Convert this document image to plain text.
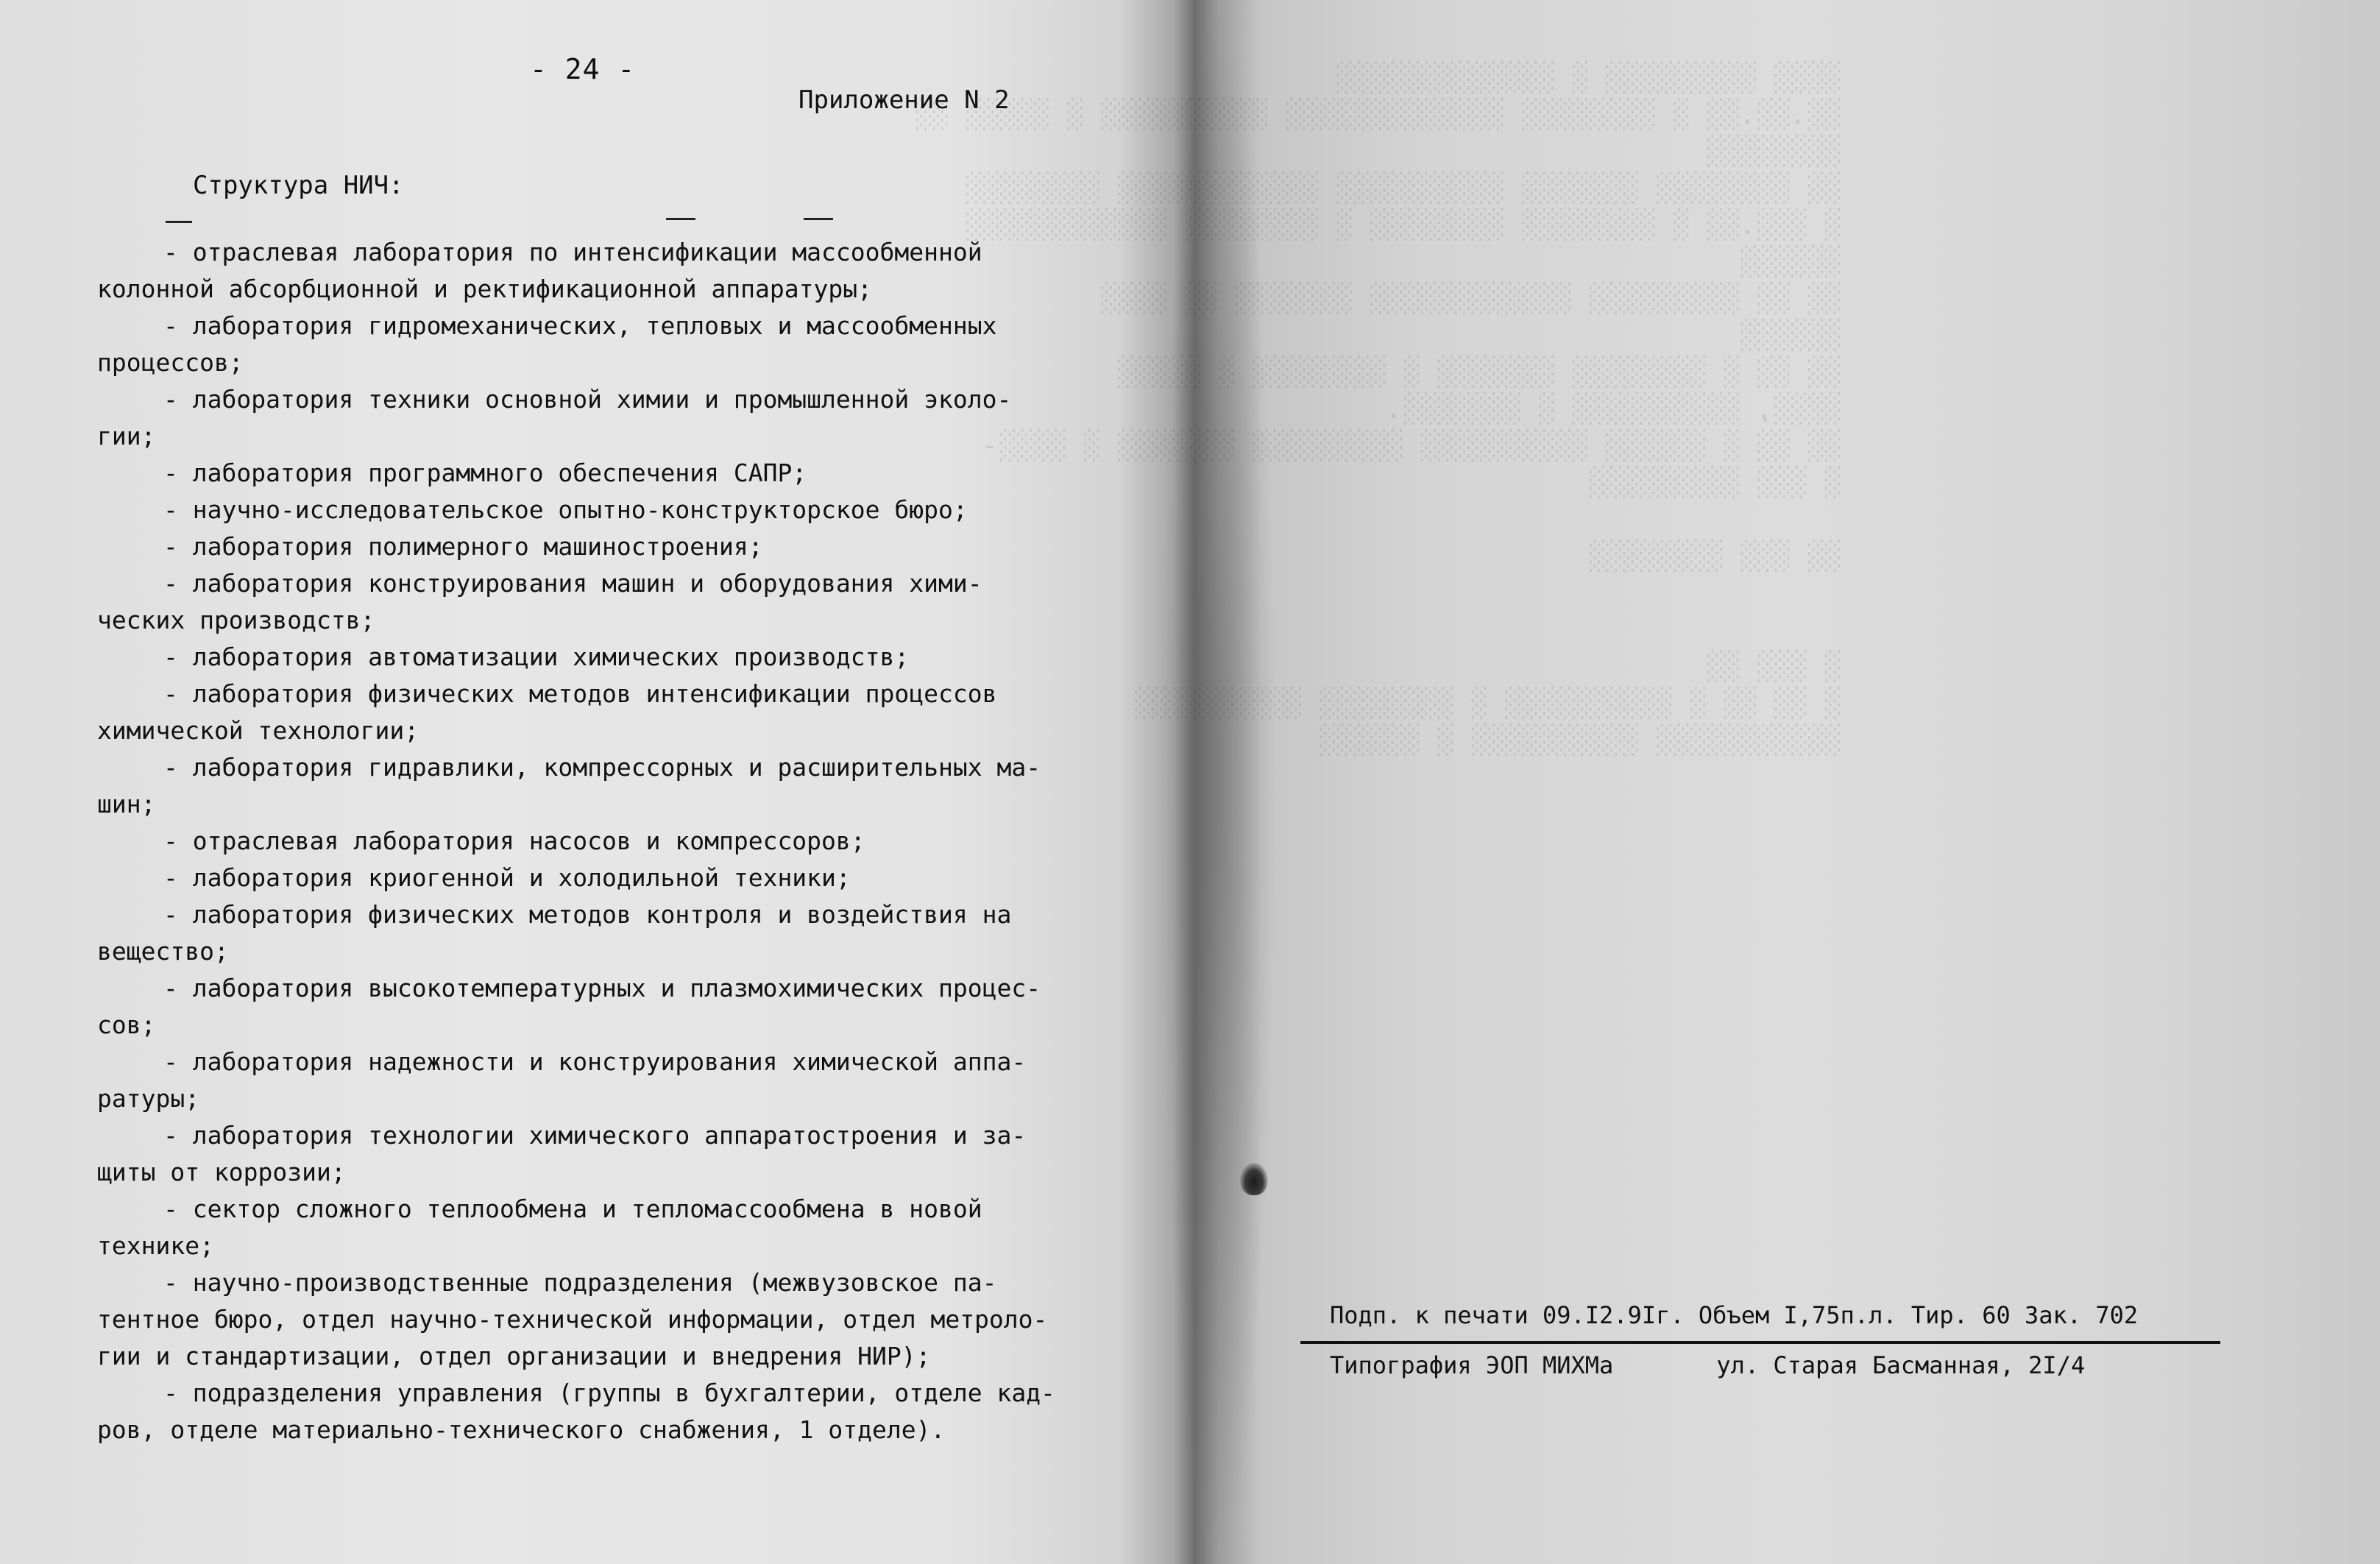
░░░░ ░░░░░░░░░ ░ ░░░░░░░░░░░░░
░░.░░.░░ ░ ░░░░░░░░ ░░░░░░░░░░░░░ ░░░░░░░░░░ ░ ░░░░░ ░░
░░░░░░░░
░░ ░░░░░░░░ ░░░░░░░ ░░░░░░░░░░ ░░░░░░░░░░░░ ░░░░░░░░
░ ░░░.░░ ░ ░░░░░░░░ ░░░░░░░░ ░ ░░░░░░░░ ░░░░░░░░░░░░
░░░░░░
░░ ░░ ░░░░░░░░░ ░░░░░░░░░░░░ ░░░░░░░ ░░ ░░░░
░░░░░░
░░ ░░ ░ ░░░░░░░░ ░░░░░░░ ░ ░░░░░░░░ ░ ░░░░░
░░░░, ░░░░░░░░░░ ░ ░░░░░░░.
░░ ░░ ░ ░░░░░░ ░░░░░░░░░░ ░░░░░░░░░ ░░░░░░░ ░ ░░░░-
░ ░░░ ░░░░░░░░░
░░ ░░░ ░░░░░░░░
░ ░░░ ░░
░ ░░ ░░ ░ ░░░░░░░░░░ ░ ░░░░░░░░ ░░░░░░░░░░
░░░░░░░░░░░ ░░░░░░░░░░ ░ ░░░░░░
- 24 -
Приложение N 2
Структура НИЧ:
- отраслевая лаборатория по интенсификации массообменной
колонной абсорбционной и ректификационной аппаратуры;
- лаборатория гидромеханических, тепловых и массообменных
процессов;
- лаборатория техники основной химии и промышленной эколо-
гии;
- лаборатория программного обеспечения САПР;
- научно-исследовательское опытно-конструкторское бюро;
- лаборатория полимерного машиностроения;
- лаборатория конструирования машин и оборудования хими-
ческих производств;
- лаборатория автоматизации химических производств;
- лаборатория физических методов интенсификации процессов
химической технологии;
- лаборатория гидравлики, компрессорных и расширительных ма-
шин;
- отраслевая лаборатория насосов и компрессоров;
- лаборатория криогенной и холодильной техники;
- лаборатория физических методов контроля и воздействия на
вещество;
- лаборатория высокотемпературных и плазмохимических процес-
сов;
- лаборатория надежности и конструирования химической аппа-
ратуры;
- лаборатория технологии химического аппаратостроения и за-
щиты от коррозии;
- сектор сложного теплообмена и тепломассообмена в новой
технике;
- научно-производственные подразделения (межвузовское па-
тентное бюро, отдел научно-технической информации, отдел метроло-
гии и стандартизации, отдел организации и внедрения НИР);
- подразделения управления (группы в бухгалтерии, отделе кад-
ров, отделе материально-технического снабжения, 1 отделе).
Подп. к печати 09.I2.9Iг. Объем I,75п.л. Тир. 60 Зак. 702
Типография ЭОП МИХМа	ул. Старая Басманная, 2I/4
